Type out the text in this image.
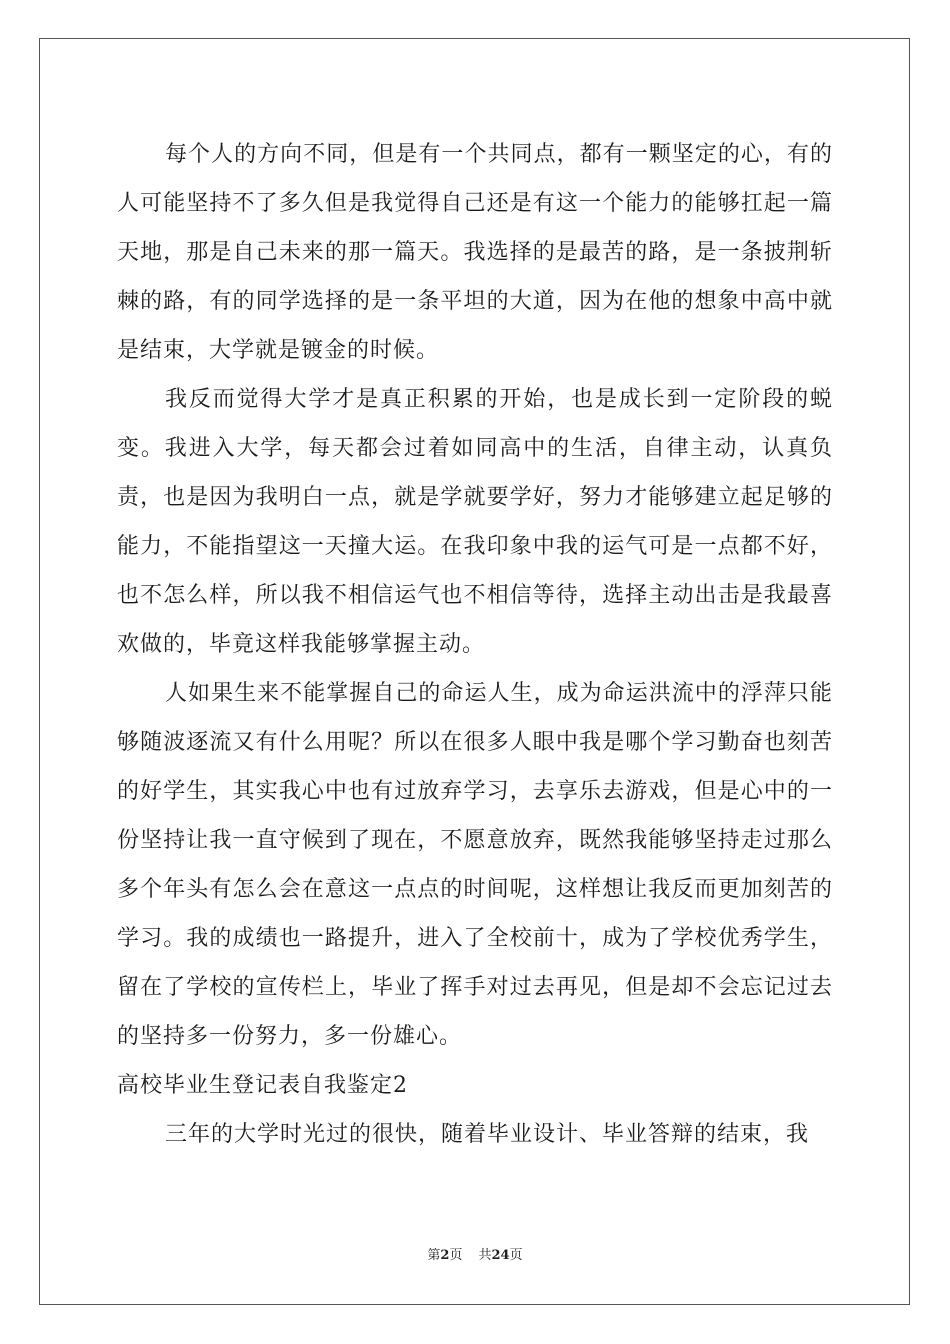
每个人的方向不同，但是有一个共同点，都有一颗坚定的心，有的人可能坚持不了多久但是我觉得自己还是有这一个能力的能够扛起一篇天地，那是自己未来的那一篇天。我选择的是最苦的路，是一条披荆斩棘的路，有的同学选择的是一条平坦的大道，因为在他的想象中高中就是结束，大学就是镀金的时候。

我反而觉得大学才是真正积累的开始，也是成长到一定阶段的蜕变。我进入大学，每天都会过着如同高中的生活，自律主动，认真负责，也是因为我明白一点，就是学就要学好，努力才能够建立起足够的能力，不能指望这一天撞大运。在我印象中我的运气可是一点都不好，也不怎么样，所以我不相信运气也不相信等待，选择主动出击是我最喜欢做的，毕竟这样我能够掌握主动。

人如果生来不能掌握自己的命运人生，成为命运洪流中的浮萍只能够随波逐流又有什么用呢？所以在很多人眼中我是哪个学习勤奋也刻苦的好学生，其实我心中也有过放弃学习，去享乐去游戏，但是心中的一份坚持让我一直守候到了现在，不愿意放弃，既然我能够坚持走过那么多个年头有怎么会在意这一点点的时间呢，这样想让我反而更加刻苦的学习。我的成绩也一路提升，进入了全校前十，成为了学校优秀学生，留在了学校的宣传栏上，毕业了挥手对过去再见，但是却不会忘记过去的坚持多一份努力，多一份雄心。

高校毕业生登记表自我鉴定2

三年的大学时光过的很快，随着毕业设计、毕业答辩的结束，我

第2页 共24页
